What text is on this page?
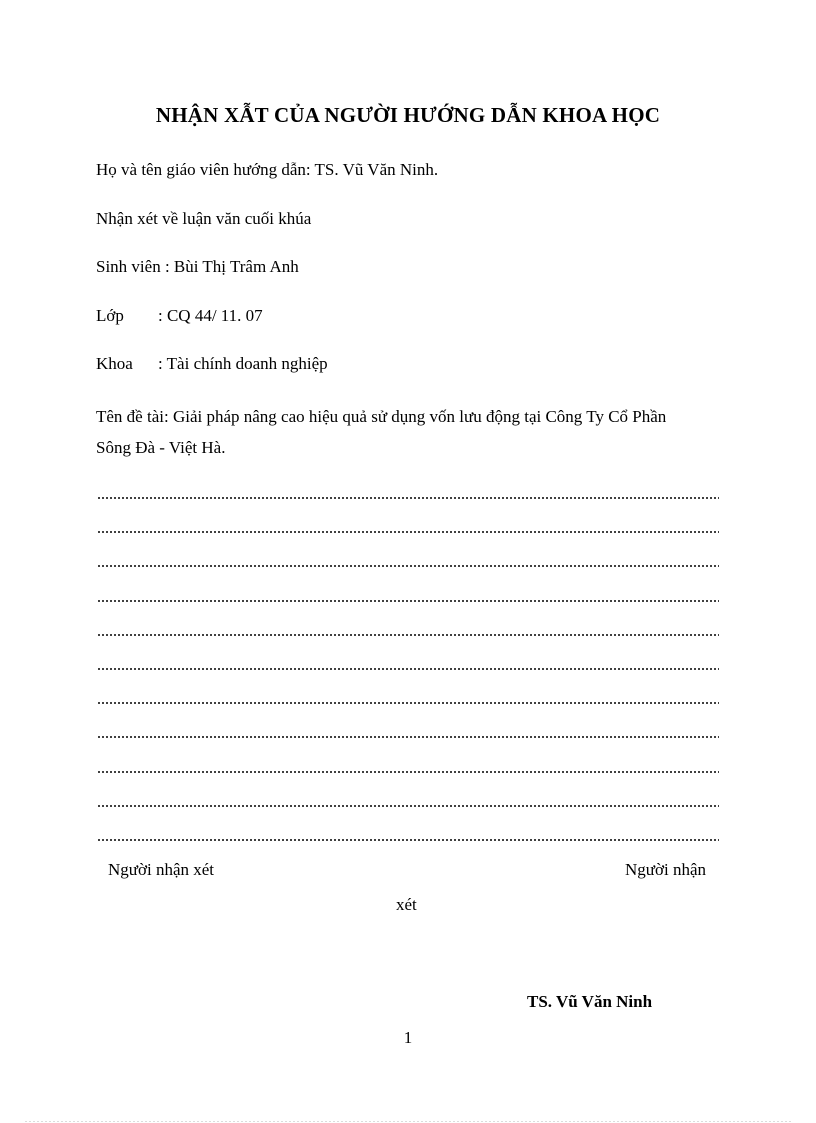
NHẬN XẪT CỦA NGƯỜI HƯỚNG DẪN KHOA HỌC
Họ và tên giáo viên hướng dẫn: TS. Vũ Văn Ninh.
Nhận xét về luận văn cuối khúa
Sinh viên : Bùi Thị Trâm Anh
Lớp : CQ 44/ 11. 07
Khoa : Tài chính doanh nghiệp
Tên đề tài: Giải pháp nâng cao hiệu quả sử dụng vốn lưu động tại Công Ty Cổ Phần Sông Đà - Việt Hà.
Người nhận xét	Người nhận
xét
TS. Vũ Văn Ninh
1
